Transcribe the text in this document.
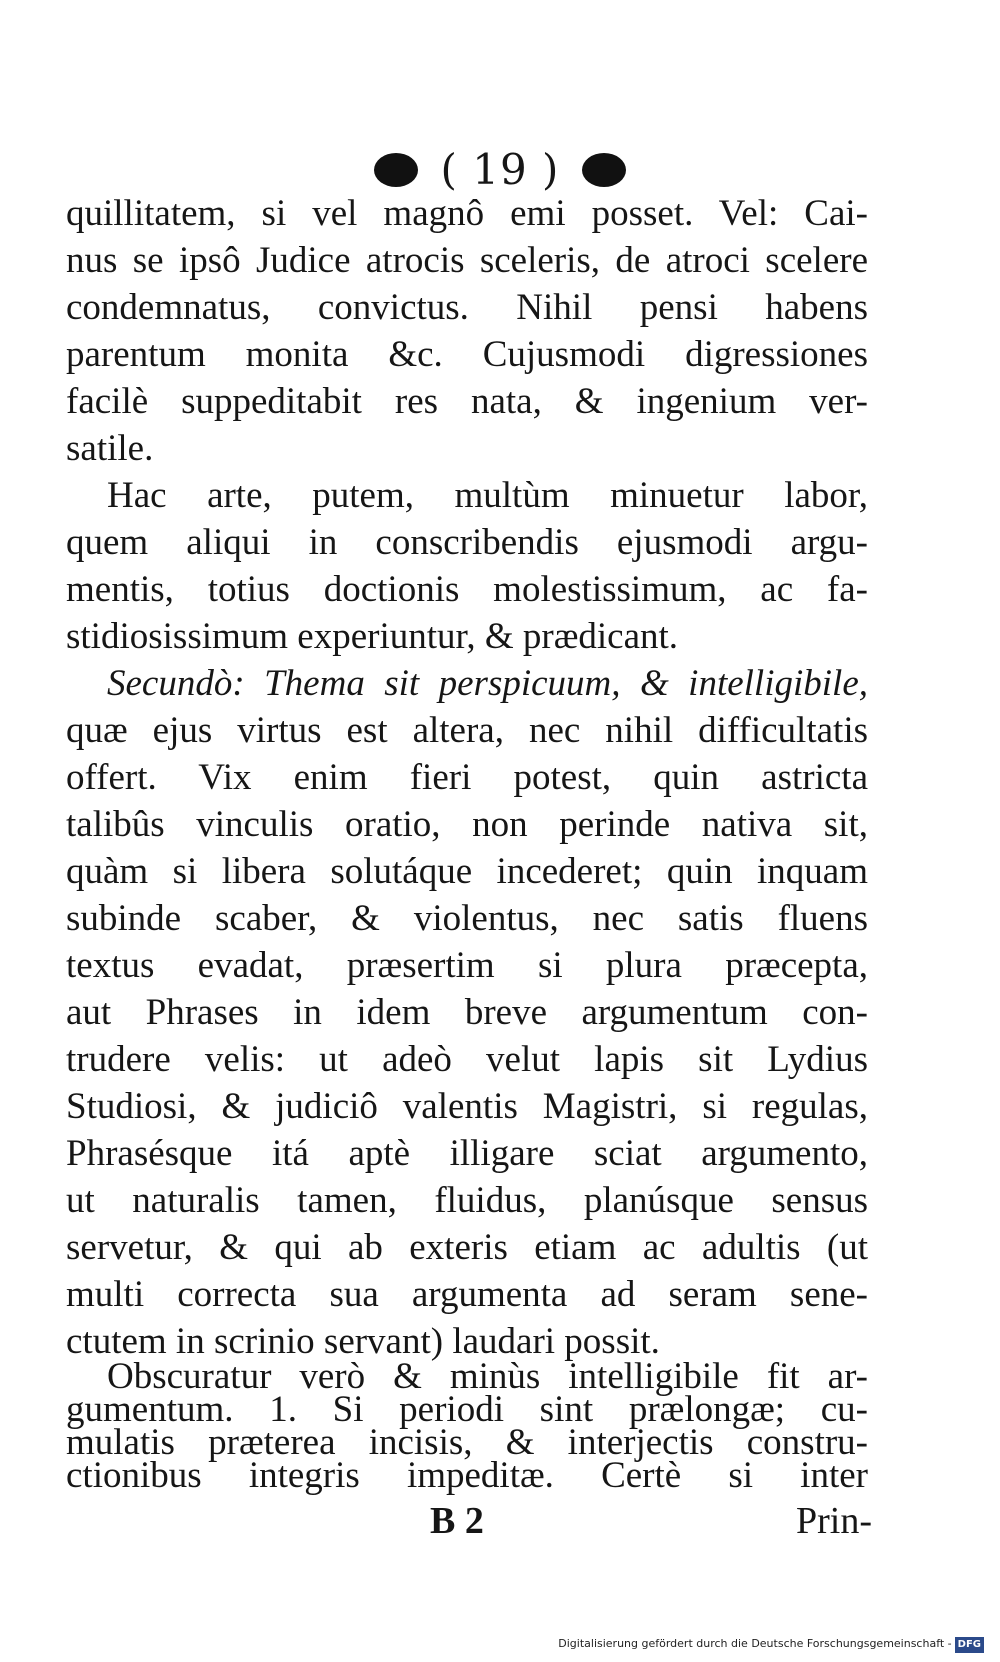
( 19 )
quillitatem, si vel magnô emi posset. Vel: Cai-
nus se ipsô Judice atrocis sceleris, de atroci scelere
condemnatus, convictus. Nihil pensi habens
parentum monita &c. Cujusmodi digressiones
facilè suppeditabit res nata, & ingenium ver-
satile.
Hac arte, putem, multùm minuetur labor,
quem aliqui in conscribendis ejusmodi argu-
mentis, totius doctionis molestissimum, ac fa-
stidiosissimum experiuntur, & prædicant.
Secundò: Thema sit perspicuum, & intelligibile,
quæ ejus virtus est altera, nec nihil difficultatis
offert. Vix enim fieri potest, quin astricta
talibûs vinculis oratio, non perinde nativa sit,
quàm si libera solutáque incederet; quin inquam
subinde scaber, & violentus, nec satis fluens
textus evadat, præsertim si plura præcepta,
aut Phrases in idem breve argumentum con-
trudere velis: ut adeò velut lapis sit Lydius
Studiosi, & judiciô valentis Magistri, si regulas,
Phrasésque itá aptè illigare sciat argumento,
ut naturalis tamen, fluidus, planúsque sensus
servetur, & qui ab exteris etiam ac adultis (ut
multi correcta sua argumenta ad seram sene-
ctutem in scrinio servant) laudari possit.
Obscuratur verò & minùs intelligibile fit ar-
gumentum. 1. Si periodi sint prælongæ; cu-
mulatis præterea incisis, & interjectis constru-
B 2	Prin-
Digitalisierung gefördert durch die Deutsche Forschungsgemeinschaft - DFG
ctionibus integris impeditæ. Certè si inter
